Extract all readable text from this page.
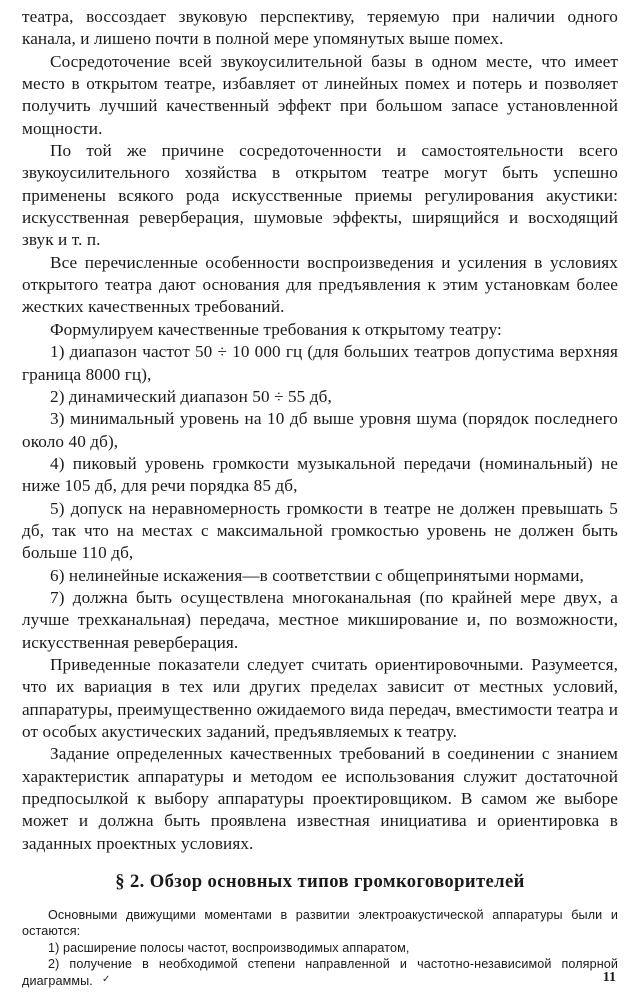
театра, воссоздает звуковую перспективу, теряемую при наличии одного канала, и лишено почти в полной мере упомянутых выше помех.

Сосредоточение всей звукоусилительной базы в одном месте, что имеет место в открытом театре, избавляет от линейных помех и потерь и позволяет получить лучший качественный эффект при большом запасе установленной мощности.

По той же причине сосредоточенности и самостоятельности всего звукоусилительного хозяйства в открытом театре могут быть успешно применены всякого рода искусственные приемы регулирования акустики: искусственная реверберация, шумовые эффекты, ширящийся и восходящий звук и т. п.

Все перечисленные особенности воспроизведения и усиления в условиях открытого театра дают основания для предъявления к этим установкам более жестких качественных требований.

Формулируем качественные требования к открытому театру:

1) диапазон частот 50 ÷ 10 000 гц (для больших театров допустима верхняя граница 8000 гц),

2) динамический диапазон 50 ÷ 55 дб,

3) минимальный уровень на 10 дб выше уровня шума (порядок последнего около 40 дб),

4) пиковый уровень громкости музыкальной передачи (номинальный) не ниже 105 дб, для речи порядка 85 дб,

5) допуск на неравномерность громкости в театре не должен превышать 5 дб, так что на местах с максимальной громкостью уровень не должен быть больше 110 дб,

6) нелинейные искажения—в соответствии с общепринятыми нормами,

7) должна быть осуществлена многоканальная (по крайней мере двух, а лучше трехканальная) передача, местное микширование и, по возможности, искусственная реверберация.

Приведенные показатели следует считать ориентировочными. Разумеется, что их вариация в тех или других пределах зависит от местных условий, аппаратуры, преимущественно ожидаемого вида передач, вместимости театра и от особых акустических заданий, предъявляемых к театру.

Задание определенных качественных требований в соединении с знанием характеристик аппаратуры и методом ее использования служит достаточной предпосылкой к выбору аппаратуры проектировщиком. В самом же выборе может и должна быть проявлена известная инициатива и ориентировка в заданных проектных условиях.

§ 2. Обзор основных типов громкоговорителей

Основными движущими моментами в развитии электроакустической аппаратуры были и остаются:

1) расширение полосы частот, воспроизводимых аппаратом,

2) получение в необходимой степени направленной и частотно-независимой полярной диаграммы. ✓	11
